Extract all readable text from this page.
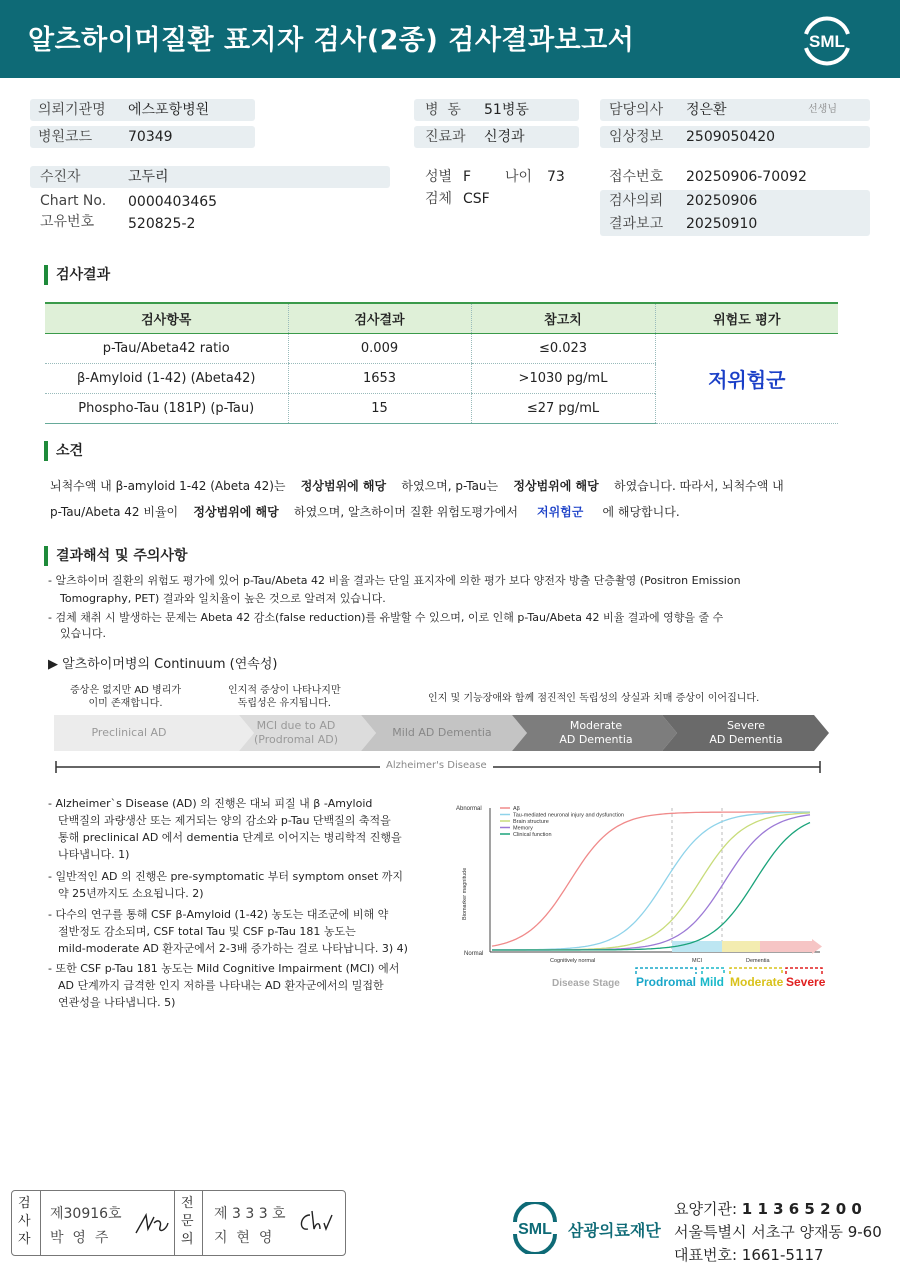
알츠하이머질환 표지자 검사(2종) 검사결과보고서	SML
의뢰기관명 에스포항병원
병원코드	70349
병  동 51병동
진료과 신경과
담당의사 정은환	선생님
임상정보 2509050420
수진자	고두리
Chart No. 0000403465
고유번호 520825-2
성별 F 나이 73
검체 CSF
접수번호 20250906-70092
검사의뢰 20250906
결과보고 20250910
검사결과
검사항목	검사결과	참고치	위험도 평가
p-Tau/Abeta42 ratio	0.009	≤0.023	저위험군
β-Amyloid (1-42) (Abeta42)	1653	>1030 pg/mL	
Phospho-Tau (181P) (p-Tau)	15	≤27 pg/mL	
소견
뇌척수액 내 β-amyloid 1-42 (Abeta 42)는 정상범위에 해당 하였으며, p-Tau는 정상범위에 해당 하였습니다. 따라서, 뇌척수액 내
p-Tau/Abeta 42 비율이 정상범위에 해당 하였으며, 알츠하이머 질환 위험도평가에서 저위험군 에 해당합니다.
결과해석 및 주의사항
- 알츠하이머 질환의 위험도 평가에 있어 p-Tau/Abeta 42 비율 결과는 단일 표지자에 의한 평가 보다 양전자 방출 단층촬영 (Positron Emission
Tomography, PET) 결과와 일치율이 높은 것으로 알려져 있습니다.
- 검체 채취 시 발생하는 문제는 Abeta 42 감소(false reduction)를 유발할 수 있으며, 이로 인해 p-Tau/Abeta 42 비율 결과에 영향을 줄 수
있습니다.
▶ 알츠하이머병의 Continuum (연속성)
증상은 없지만 AD 병리가
이미 존재합니다.
인지적 증상이 나타나지만
독립성은 유지됩니다.	인지 및 기능장애와 함께 점진적인 독립성의 상실과 치매 증상이 이어집니다.
Preclinical AD
MCI due to AD
(Prodromal AD)
Mild AD Dementia
Moderate
AD Dementia
Severe
AD Dementia
Alzheimer's Disease
- Alzheimer`s Disease (AD) 의 진행은 대뇌 피질 내 β -Amyloid
단백질의 과량생산 또는 제거되는 양의 감소와 p-Tau 단백질의 축적을
통해 preclinical AD 에서 dementia 단계로 이어지는 병리학적 진행을
나타냅니다. 1)
- 일반적인 AD 의 진행은 pre-symptomatic 부터 symptom onset 까지
약 25년까지도 소요됩니다. 2)
- 다수의 연구를 통해 CSF β-Amyloid (1-42) 농도는 대조군에 비해 약
절반정도 감소되며, CSF total Tau 및 CSF p-Tau 181 농도는
mild-moderate AD 환자군에서 2-3배 증가하는 걸로 나타납니다. 3) 4)
- 또한 CSF p-Tau 181 농도는 Mild Cognitive Impairment (MCI) 에서
AD 단계까지 급격한 인지 저하를 나타내는 AD 환자군에서의 밀접한
연관성을 나타냅니다. 5)
Abnormal
Normal
Biomarker magnitude
Cognitively normal	MCI	Dementia
Aβ
Tau-mediated neuronal injury and dysfunction
Brain structure
Memory
Clinical function
Disease Stage Prodromal Mild Moderate Severe
검사자
제30916호
박  영  주
전문의
제 3 3 3 호
지  현  영	SML 삼광의료재단
요양기관: 1 1 3 6 5 2 0 0
서울특별시 서초구 양재동 9-60
대표번호: 1661-5117
